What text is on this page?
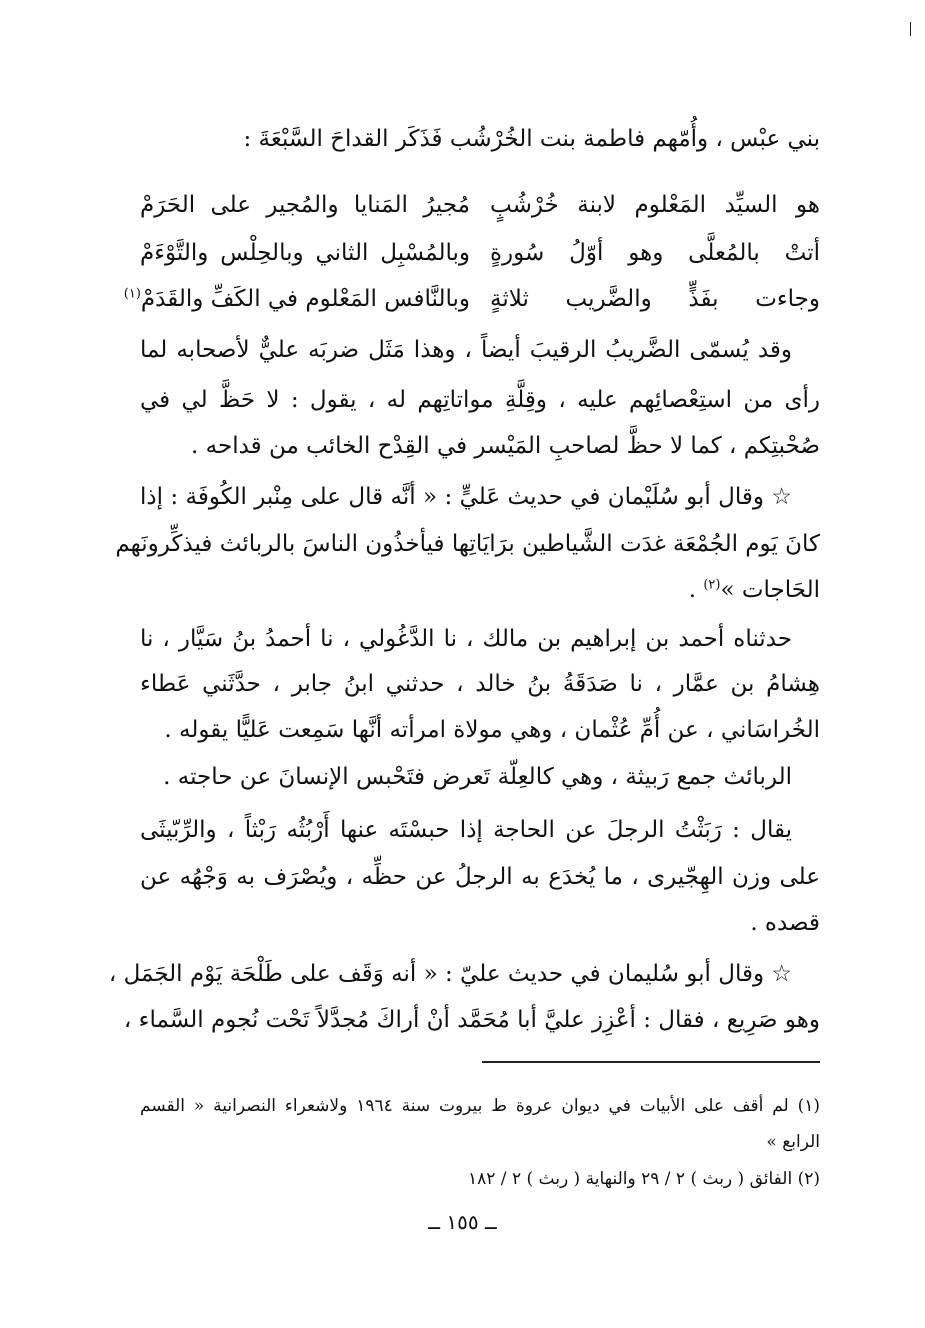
بني عبْس ، وأُمّهم فاطمة بنت الخُرْشُب فَذَكَر القداحَ السَّبْعَةَ :
هو السيِّد المَعْلوم لابنة خُرْشُبٍ
مُجيرُ المَنايا والمُجير على الحَرَمْ
أتتْ بالمُعلَّى وهو أوّلُ سُورةٍ
وبالمُسْبِل الثاني وبالحِلْس والتَّوْءَمْ
وجاءت بفَذٍّ والضَّريب ثلاثةٍ
وبالنَّافس المَعْلوم في الكَفِّ والقَدَمْ$^{(١)}$
وقد يُسمّى الضَّريبُ الرقيبَ أيضاً ، وهذا مَثَل ضربَه عليٌّ لأصحابه لما
رأى من استِعْصائِهم عليه ، وقِلَّةِ مواتاتِهم له ، يقول : لا حَظَّ لي في
صُحْبتِكم ، كما لا حظَّ لصاحبِ المَيْسر في القِدْح الخائب من قداحه .
☆ وقال أبو سُلَيْمان في حديث عَليٍّ : « أنَّه قال على مِنْبر الكُوفَة : إذا
كانَ يَوم الجُمْعَة غدَت الشَّياطين برَايَاتِها فيأخذُون الناسَ بالربائث فيذكِّرونَهم
الحَاجات »$^{(٢)}$ .
حدثناه أحمد بن إبراهيم بن مالك ، نا الدَّغُولي ، نا أحمدُ بنُ سَيَّار ، نا
هِشامُ بن عمَّار ، نا صَدَقَةُ بنُ خالد ، حدثني ابنُ جابر ، حدَّثَني عَطاء
الخُراسَاني ، عن أُمِّ عُثْمان ، وهي مولاة امرأته أنَّها سَمِعت عَليًّا يقوله .
الربائث جمع رَبيثة ، وهي كالعِلّة تَعرض فتَحْبس الإنسانَ عن حاجته .
يقال : رَبَثْتُ الرجلَ عن الحاجة إذا حبسْتَه عنها أَرْبُثُه رَبْثاً ، والرِّبّيثَى
على وزن الهِجّيرى ، ما يُخدَع به الرجلُ عن حظِّه ، ويُصْرَف به وَجْهُه عن
قصده .
☆ وقال أبو سُليمان في حديث عليّ : « أنه وَقَف على طَلْحَة يَوْم الجَمَل ،
وهو صَرِيع ، فقال : أعْزِز عليَّ أبا مُحَمَّد أنْ أراكَ مُجدَّلاً تَحْت نُجوم السَّماء ،
(١) لم أقف على الأبيات في ديوان عروة ط بيروت سنة ١٩٦٤ ولاشعراء النصرانية « القسم
الرابع »
(٢) الفائق ( ربث ) ٢ / ٢٩ والنهاية ( ربث ) ٢ / ١٨٢
ــ ١٥٥ ــ
